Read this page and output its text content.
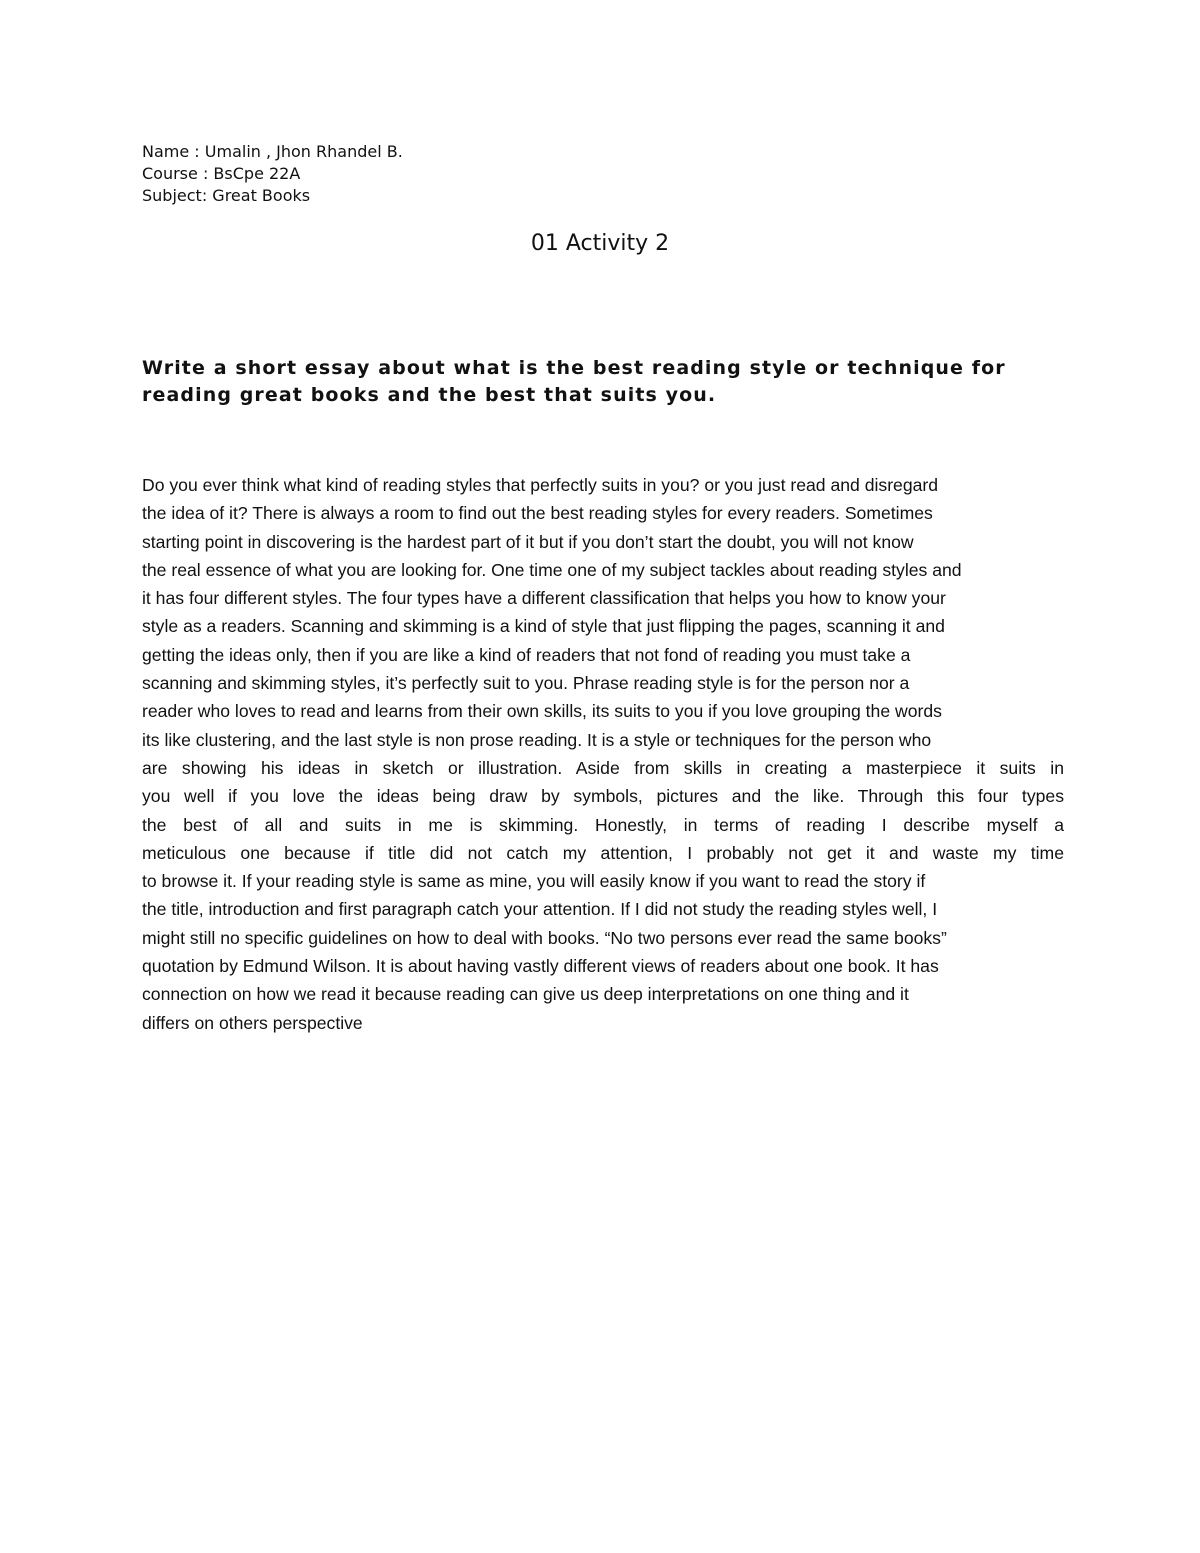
Name : Umalin , Jhon Rhandel B.
Course : BsCpe 22A
Subject: Great Books
01 Activity 2
Write a short essay about what is the best reading style or technique for
reading great books and the best that suits you.
Do you ever think what kind of reading styles that perfectly suits in you? or you just read and disregard
the idea of it? There is always a room to find out the best reading styles for every readers. Sometimes
starting point in discovering is the hardest part of it but if you don’t start the doubt, you will not know
the real essence of what you are looking for. One time one of my subject tackles about reading styles and
it has four different styles. The four types have a different classification that helps you how to know your
style as a readers. Scanning and skimming is a kind of style that just flipping the pages, scanning it and
getting the ideas only, then if you are like a kind of readers that not fond of reading you must take a
scanning and skimming styles, it’s perfectly suit to you. Phrase reading style is for the person nor a
reader who loves to read and learns from their own skills, its suits to you if you love grouping the words
its like clustering, and the last style is non prose reading. It is a style or techniques for the person who
are showing his ideas in sketch or illustration. Aside from skills in creating a masterpiece it suits in
you well if you love the ideas being draw by symbols, pictures and the like. Through this four types
the best of all and suits in me is skimming. Honestly, in terms of reading I describe myself a
meticulous one because if title did not catch my attention, I probably not get it and waste my time
to browse it. If your reading style is same as mine, you will easily know if you want to read the story if
the title, introduction and first paragraph catch your attention. If I did not study the reading styles well, I
might still no specific guidelines on how to deal with books. “No two persons ever read the same books”
quotation by Edmund Wilson. It is about having vastly different views of readers about one book. It has
connection on how we read it because reading can give us deep interpretations on one thing and it
differs on others perspective
